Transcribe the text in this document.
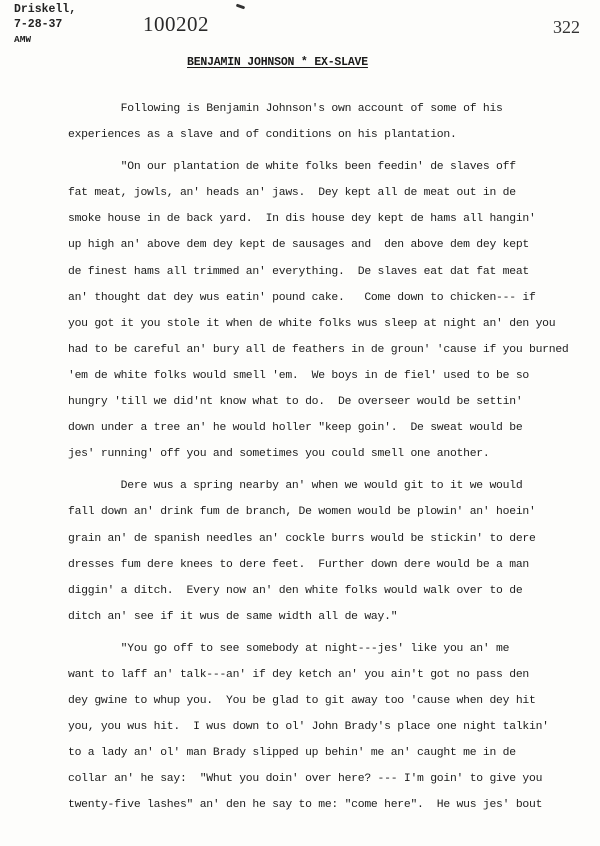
Driskell,
7-28-37
AMW
100202	322
BENJAMIN JOHNSON * EX-SLAVE
Following is Benjamin Johnson's own account of some of his
experiences as a slave and of conditions on his plantation.
"On our plantation de white folks been feedin' de slaves off
fat meat, jowls, an' heads an' jaws.  Dey kept all de meat out in de
smoke house in de back yard.  In dis house dey kept de hams all hangin'
up high an' above dem dey kept de sausages and  den above dem dey kept
de finest hams all trimmed an' everything.  De slaves eat dat fat meat
an' thought dat dey wus eatin' pound cake.   Come down to chicken--- if
you got it you stole it when de white folks wus sleep at night an' den you
had to be careful an' bury all de feathers in de groun' 'cause if you burned
'em de white folks would smell 'em.  We boys in de fiel' used to be so
hungry 'till we did'nt know what to do.  De overseer would be settin'
down under a tree an' he would holler "keep goin'.  De sweat would be
jes' running' off you and sometimes you could smell one another.
Dere wus a spring nearby an' when we would git to it we would
fall down an' drink fum de branch, De women would be plowin' an' hoein'
grain an' de spanish needles an' cockle burrs would be stickin' to dere
dresses fum dere knees to dere feet.  Further down dere would be a man
diggin' a ditch.  Every now an' den white folks would walk over to de
ditch an' see if it wus de same width all de way."
"You go off to see somebody at night---jes' like you an' me
want to laff an' talk---an' if dey ketch an' you ain't got no pass den
dey gwine to whup you.  You be glad to git away too 'cause when dey hit
you, you wus hit.  I wus down to ol' John Brady's place one night talkin'
to a lady an' ol' man Brady slipped up behin' me an' caught me in de
collar an' he say:  "Whut you doin' over here? --- I'm goin' to give you
twenty-five lashes" an' den he say to me: "come here".  He wus jes' bout
